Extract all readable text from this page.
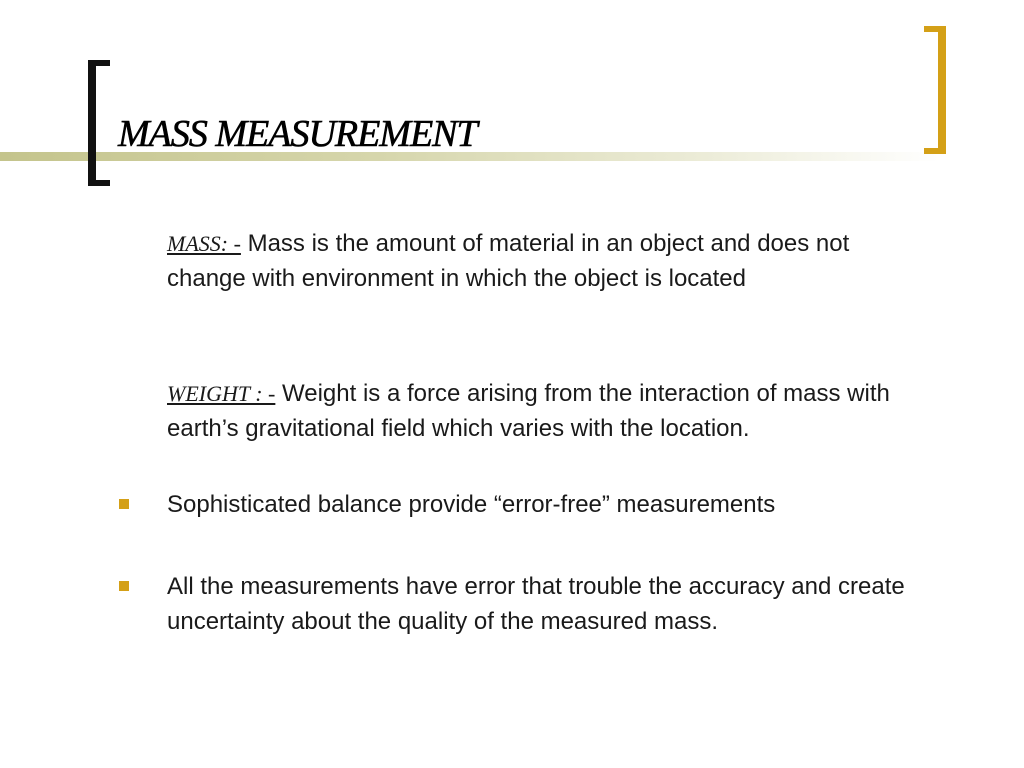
MASS MEASUREMENT

MASS: - Mass is the amount of material in an object and does not change with environment in which the object is located

WEIGHT : - Weight is a force arising from the interaction of mass with earth’s gravitational field which varies with the location.

Sophisticated balance provide “error-free” measurements

All the measurements have error that trouble the accuracy and create uncertainty about the quality of the measured mass.
